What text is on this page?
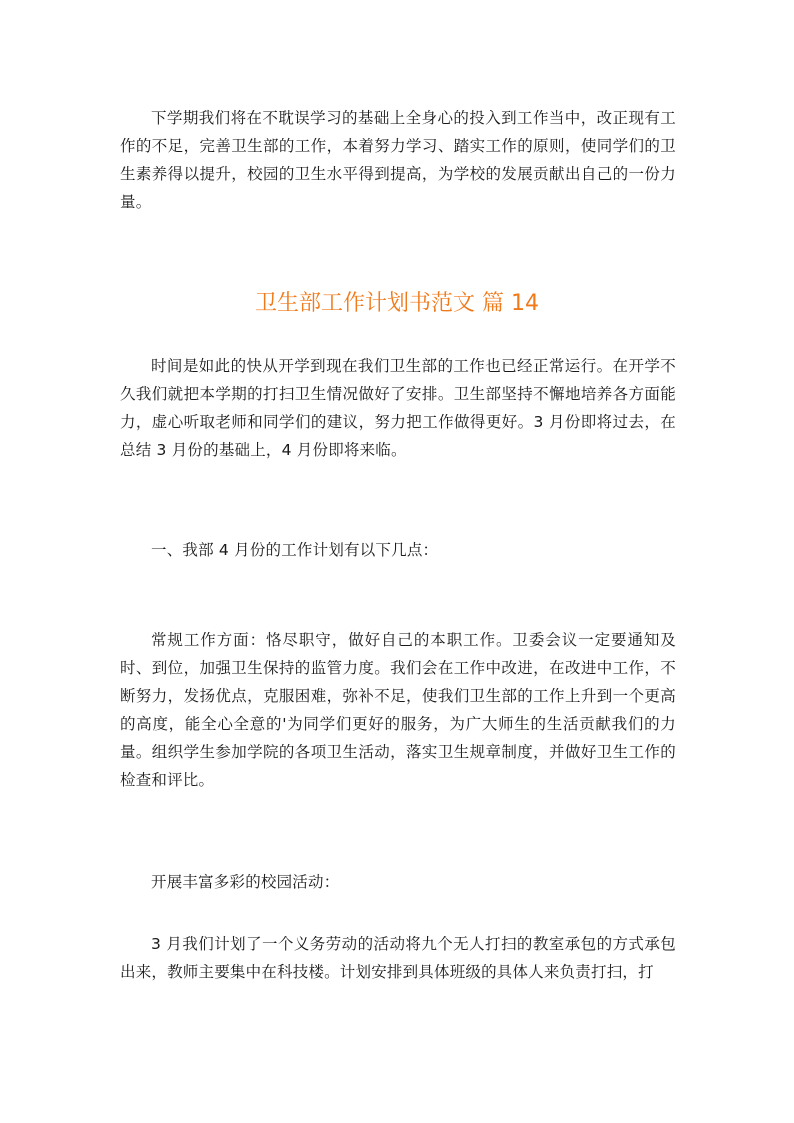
下学期我们将在不耽误学习的基础上全身心的投入到工作当中，改正现有工作的不足，完善卫生部的工作，本着努力学习、踏实工作的原则，使同学们的卫生素养得以提升，校园的卫生水平得到提高，为学校的发展贡献出自己的一份力量。

卫生部工作计划书范文 篇 14

时间是如此的快从开学到现在我们卫生部的工作也已经正常运行。在开学不久我们就把本学期的打扫卫生情况做好了安排。卫生部坚持不懈地培养各方面能力，虚心听取老师和同学们的建议，努力把工作做得更好。3 月份即将过去，在总结 3 月份的基础上，4 月份即将来临。

一、我部 4 月份的工作计划有以下几点：

常规工作方面：恪尽职守，做好自己的本职工作。卫委会议一定要通知及时、到位，加强卫生保持的监管力度。我们会在工作中改进，在改进中工作，不断努力，发扬优点，克服困难，弥补不足，使我们卫生部的工作上升到一个更高的高度，能全心全意的'为同学们更好的服务，为广大师生的生活贡献我们的力量。组织学生参加学院的各项卫生活动，落实卫生规章制度，并做好卫生工作的检查和评比。

开展丰富多彩的校园活动：

3 月我们计划了一个义务劳动的活动将九个无人打扫的教室承包的方式承包出来，教师主要集中在科技楼。计划安排到具体班级的具体人来负责打扫，打
